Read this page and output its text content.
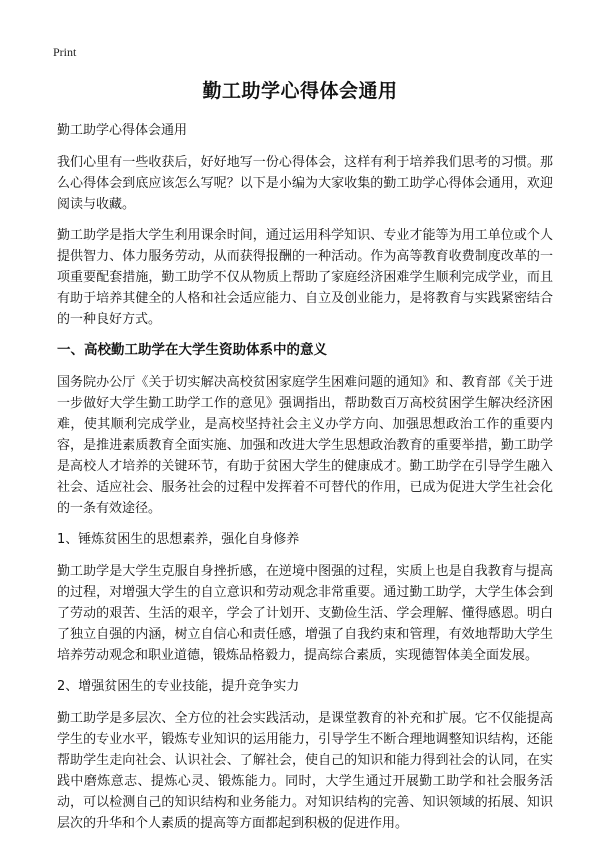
Print
勤工助学心得体会通用

勤工助学心得体会通用

我们心里有一些收获后，好好地写一份心得体会，这样有利于培养我们思考的习惯。那么心得体会到底应该怎么写呢？以下是小编为大家收集的勤工助学心得体会通用，欢迎阅读与收藏。

勤工助学是指大学生利用课余时间，通过运用科学知识、专业才能等为用工单位或个人提供智力、体力服务劳动，从而获得报酬的一种活动。作为高等教育收费制度改革的一项重要配套措施，勤工助学不仅从物质上帮助了家庭经济困难学生顺利完成学业，而且有助于培养其健全的人格和社会适应能力、自立及创业能力，是将教育与实践紧密结合的一种良好方式。

一、高校勤工助学在大学生资助体系中的意义

国务院办公厅《关于切实解决高校贫困家庭学生困难问题的通知》和、教育部《关于进一步做好大学生勤工助学工作的意见》强调指出，帮助数百万高校贫困学生解决经济困难，使其顺利完成学业，是高校坚持社会主义办学方向、加强思想政治工作的重要内容，是推进素质教育全面实施、加强和改进大学生思想政治教育的重要举措，勤工助学是高校人才培养的关键环节，有助于贫困大学生的健康成才。勤工助学在引导学生融入社会、适应社会、服务社会的过程中发挥着不可替代的作用，已成为促进大学生社会化的一条有效途径。

1、锤炼贫困生的思想素养，强化自身修养

勤工助学是大学生克服自身挫折感，在逆境中图强的过程，实质上也是自我教育与提高的过程，对增强大学生的自立意识和劳动观念非常重要。通过勤工助学，大学生体会到了劳动的艰苦、生活的艰辛，学会了计划开、支勤俭生活、学会理解、懂得感恩。明白了独立自强的内涵，树立自信心和责任感，增强了自我约束和管理，有效地帮助大学生培养劳动观念和职业道德，锻炼品格毅力，提高综合素质，实现德智体美全面发展。

2、增强贫困生的专业技能，提升竞争实力

勤工助学是多层次、全方位的社会实践活动，是课堂教育的补充和扩展。它不仅能提高学生的专业水平，锻炼专业知识的运用能力，引导学生不断合理地调整知识结构，还能帮助学生走向社会、认识社会、了解社会，使自己的知识和能力得到社会的认同，在实践中磨炼意志、提炼心灵、锻炼能力。同时，大学生通过开展勤工助学和社会服务活动，可以检测自己的知识结构和业务能力。对知识结构的完善、知识领域的拓展、知识层次的升华和个人素质的提高等方面都起到积极的促进作用。
